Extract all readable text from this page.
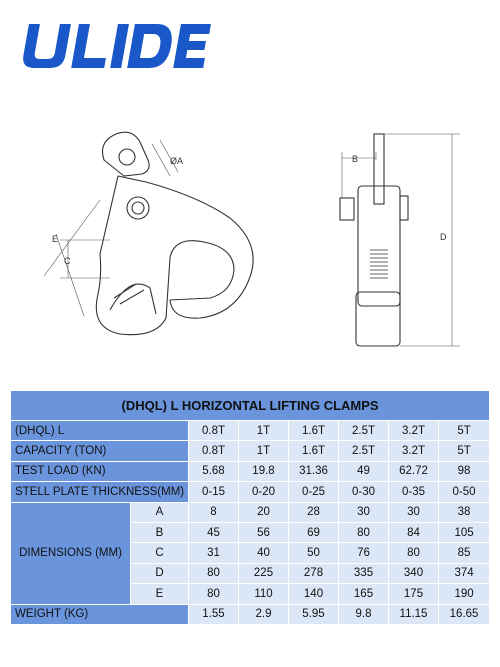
®
ØA	B
C
D
E
(DHQL) L HORIZONTAL LIFTING CLAMPS							
(DHQL) L		0.8T	1T	1.6T	2.5T	3.2T	5T
CAPACITY (TON)		0.8T	1T	1.6T	2.5T	3.2T	5T
TEST LOAD (KN)		5.68	19.8	31.36	49	62.72	98
STELL PLATE THICKNESS(MM)		0-15	0-20	0-25	0-30	0-35	0-50
DIMENSIONS (MM)	A	8	20	28	30	30	38
	B	45	56	69	80	84	105
	C	31	40	50	76	80	85
	D	80	225	278	335	340	374
	E	80	110	140	165	175	190
WEIGHT (KG)		1.55	2.9	5.95	9.8	11.15	16.65
